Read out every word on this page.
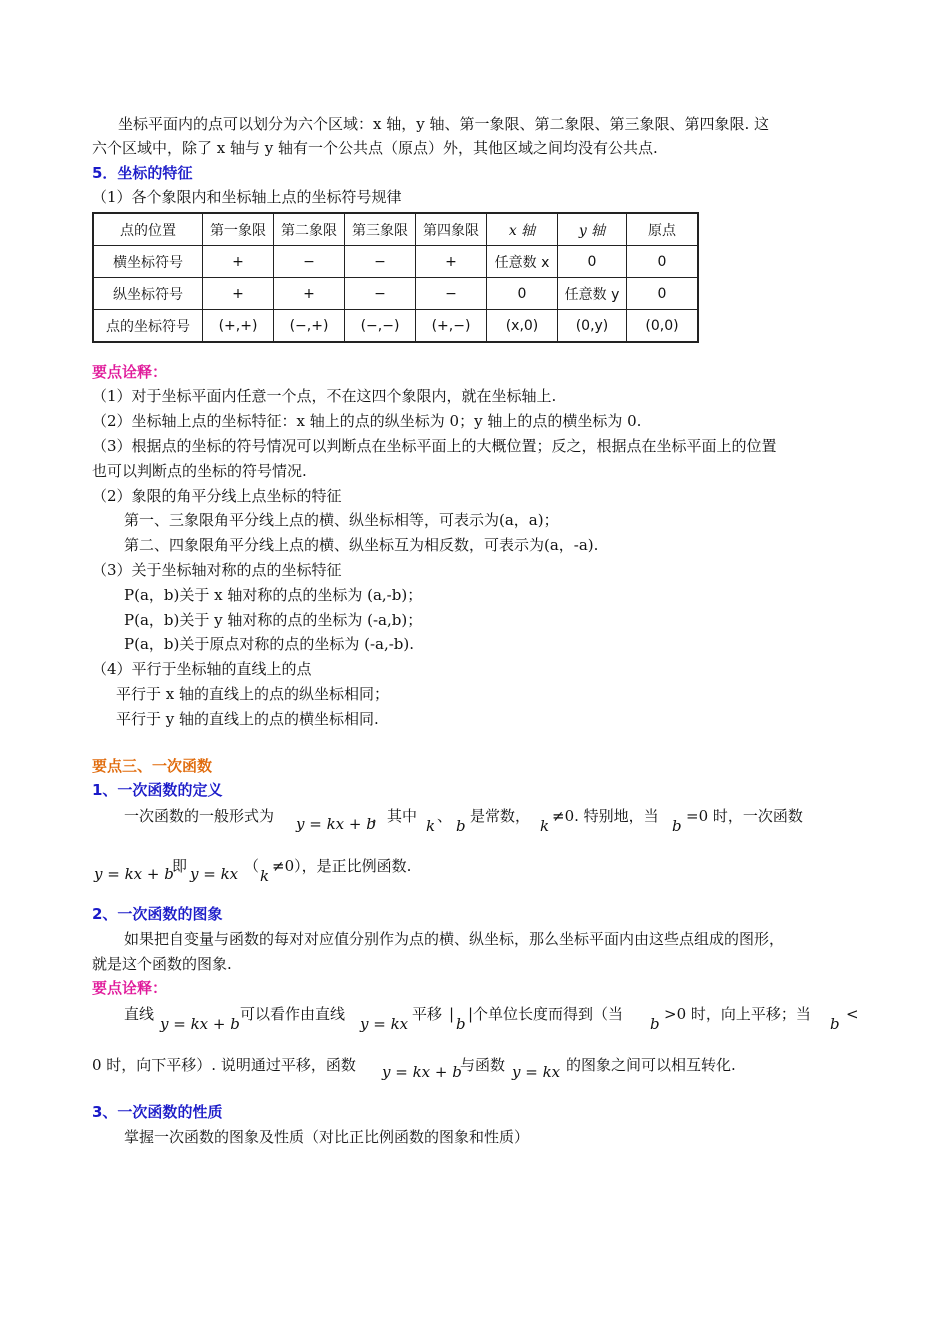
坐标平面内的点可以划分为六个区域：x 轴，y 轴、第一象限、第二象限、第三象限、第四象限. 这
六个区域中，除了 x 轴与 y 轴有一个公共点（原点）外，其他区域之间均没有公共点.
5．坐标的特征
（1）各个象限内和坐标轴上点的坐标符号规律
点的位置	第一象限	第二象限	第三象限	第四象限	x 轴	y 轴	原点
横坐标符号	+	−	−	+	任意数 x	0	0
纵坐标符号	+	+	−	−	0	任意数 y	0
点的坐标符号	(+,+)	(−,+)	(−,−)	(+,−)	(x,0)	(0,y)	(0,0)
要点诠释：
（1）对于坐标平面内任意一个点，不在这四个象限内，就在坐标轴上.
（2）坐标轴上点的坐标特征：x 轴上的点的纵坐标为 0；y 轴上的点的横坐标为 0.
（3）根据点的坐标的符号情况可以判断点在坐标平面上的大概位置；反之，根据点在坐标平面上的位置
也可以判断点的坐标的符号情况.
（2）象限的角平分线上点坐标的特征
第一、三象限角平分线上点的横、纵坐标相等，可表示为(a，a)；
第二、四象限角平分线上点的横、纵坐标互为相反数，可表示为(a，-a).
（3）关于坐标轴对称的点的坐标特征
P(a，b)关于 x 轴对称的点的坐标为 (a,-b)；
P(a，b)关于 y 轴对称的点的坐标为 (-a,b)；
P(a，b)关于原点对称的点的坐标为 (-a,-b).
（4）平行于坐标轴的直线上的点
平行于 x 轴的直线上的点的纵坐标相同；
平行于 y 轴的直线上的点的横坐标相同.
要点三、一次函数
1、一次函数的定义
一次函数的一般形式为 y = kx + b
，其中
k
、
b
是常数，
k
≠0. 特别地，当
b
=0 时，一次函数
y = kx + b
即 y = kx （
k
≠0），是正比例函数.
2、一次函数的图象
如果把自变量与函数的每对对应值分别作为点的横、纵坐标，那么坐标平面内由这些点组成的图形，
就是这个函数的图象.
要点诠释：
直线
y = kx + b
可以看作由直线
y = kx
平移 |
b
|个单位长度而得到（当
b
>0 时，向上平移；当
b
<
0 时，向下平移）. 说明通过平移，函数 y = kx + b
与函数 y = kx 的图象之间可以相互转化.
3、一次函数的性质
掌握一次函数的图象及性质（对比正比例函数的图象和性质）
